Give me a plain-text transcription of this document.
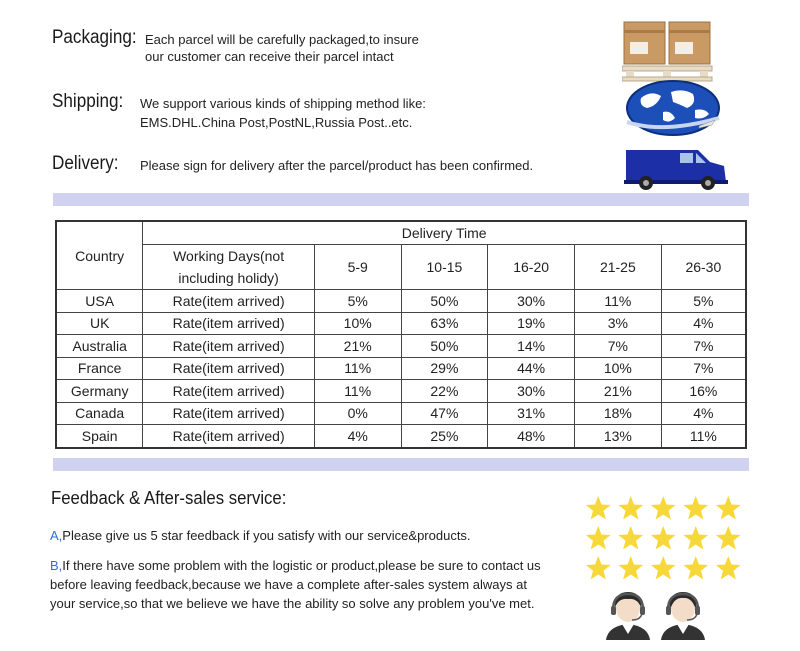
Packaging: Each parcel will be carefully packaged,to insure
our customer can receive their parcel intact
Shipping: We support various kinds of shipping method like:
EMS.DHL.China Post,PostNL,Russia Post..etc.
Delivery: Please sign for delivery after the parcel/product has been confirmed.
Country	Delivery Time					
	Working Days(not
including holidy)	5-9	10-15	16-20	21-25	26-30
USA	Rate(item arrived)	5%	50%	30%	11%	5%
UK	Rate(item arrived)	10%	63%	19%	3%	4%
Australia	Rate(item arrived)	21%	50%	14%	7%	7%
France	Rate(item arrived)	11%	29%	44%	10%	7%
Germany	Rate(item arrived)	11%	22%	30%	21%	16%
Canada	Rate(item arrived)	0%	47%	31%	18%	4%
Spain	Rate(item arrived)	4%	25%	48%	13%	11%
Feedback & After-sales service:
A,Please give us 5 star feedback if you satisfy with our service&products.
B,If there have some problem with the logistic or product,please be sure to contact us
before leaving feedback,because we have a complete after-sales system always at
your service,so that we believe we have the ability so solve any problem you've met.
